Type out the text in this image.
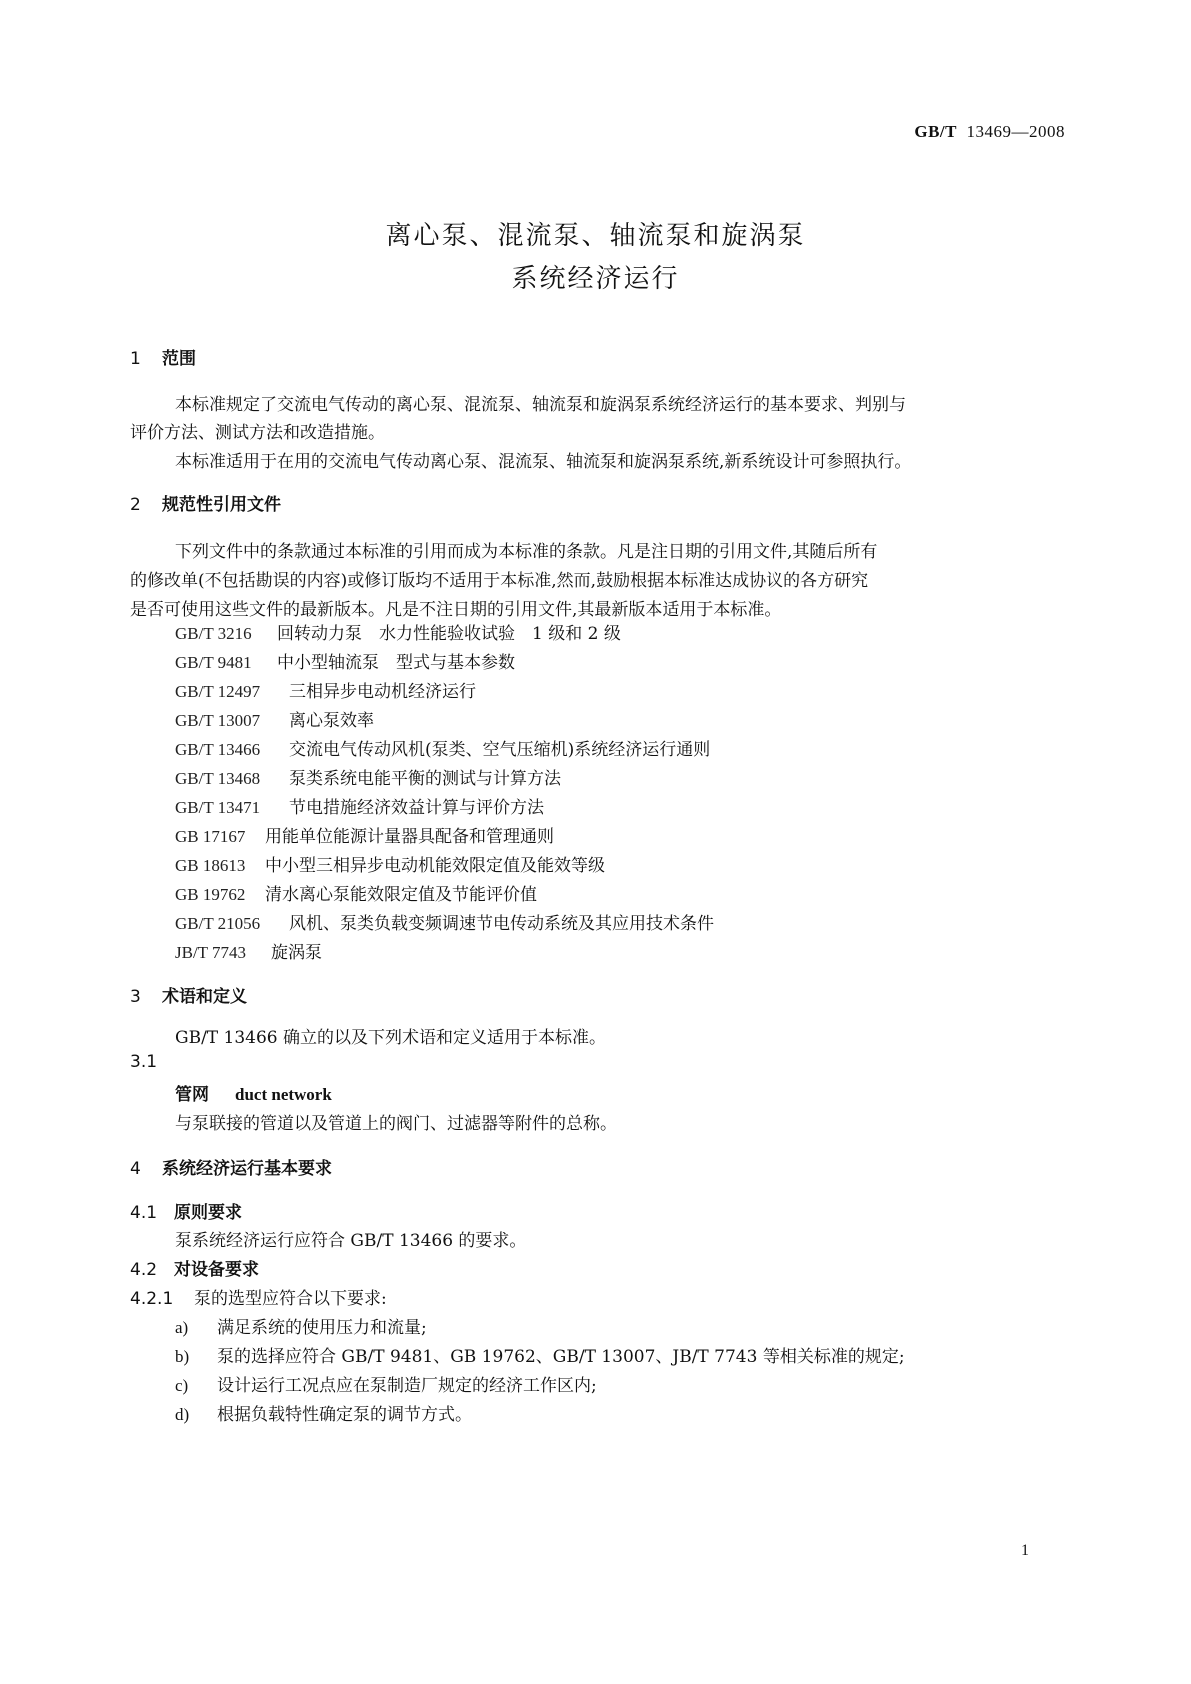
GB/T 13469—2008
离心泵、混流泵、轴流泵和旋涡泵
系统经济运行
1 范围
本标准规定了交流电气传动的离心泵、混流泵、轴流泵和旋涡泵系统经济运行的基本要求、判别与
评价方法、测试方法和改造措施。
本标准适用于在用的交流电气传动离心泵、混流泵、轴流泵和旋涡泵系统,新系统设计可参照执行。
2 规范性引用文件
下列文件中的条款通过本标准的引用而成为本标准的条款。凡是注日期的引用文件,其随后所有
的修改单(不包括勘误的内容)或修订版均不适用于本标准,然而,鼓励根据本标准达成协议的各方研究
是否可使用这些文件的最新版本。凡是不注日期的引用文件,其最新版本适用于本标准。
GB/T 3216 回转动力泵　水力性能验收试验　1 级和 2 级
GB/T 9481 中小型轴流泵　型式与基本参数
GB/T 12497 三相异步电动机经济运行
GB/T 13007 离心泵效率
GB/T 13466 交流电气传动风机(泵类、空气压缩机)系统经济运行通则
GB/T 13468 泵类系统电能平衡的测试与计算方法
GB/T 13471 节电措施经济效益计算与评价方法
GB 17167 用能单位能源计量器具配备和管理通则
GB 18613 中小型三相异步电动机能效限定值及能效等级
GB 19762 清水离心泵能效限定值及节能评价值
GB/T 21056 风机、泵类负载变频调速节电传动系统及其应用技术条件
JB/T 7743 旋涡泵
3 术语和定义
GB/T 13466 确立的以及下列术语和定义适用于本标准。
3.1
管网 duct network
与泵联接的管道以及管道上的阀门、过滤器等附件的总称。
4 系统经济运行基本要求
4.1 原则要求
泵系统经济运行应符合 GB/T 13466 的要求。
4.2 对设备要求
4.2.1 泵的选型应符合以下要求:
a) 满足系统的使用压力和流量;
b) 泵的选择应符合 GB/T 9481、GB 19762、GB/T 13007、JB/T 7743 等相关标准的规定;
c) 设计运行工况点应在泵制造厂规定的经济工作区内;
d) 根据负载特性确定泵的调节方式。
1
